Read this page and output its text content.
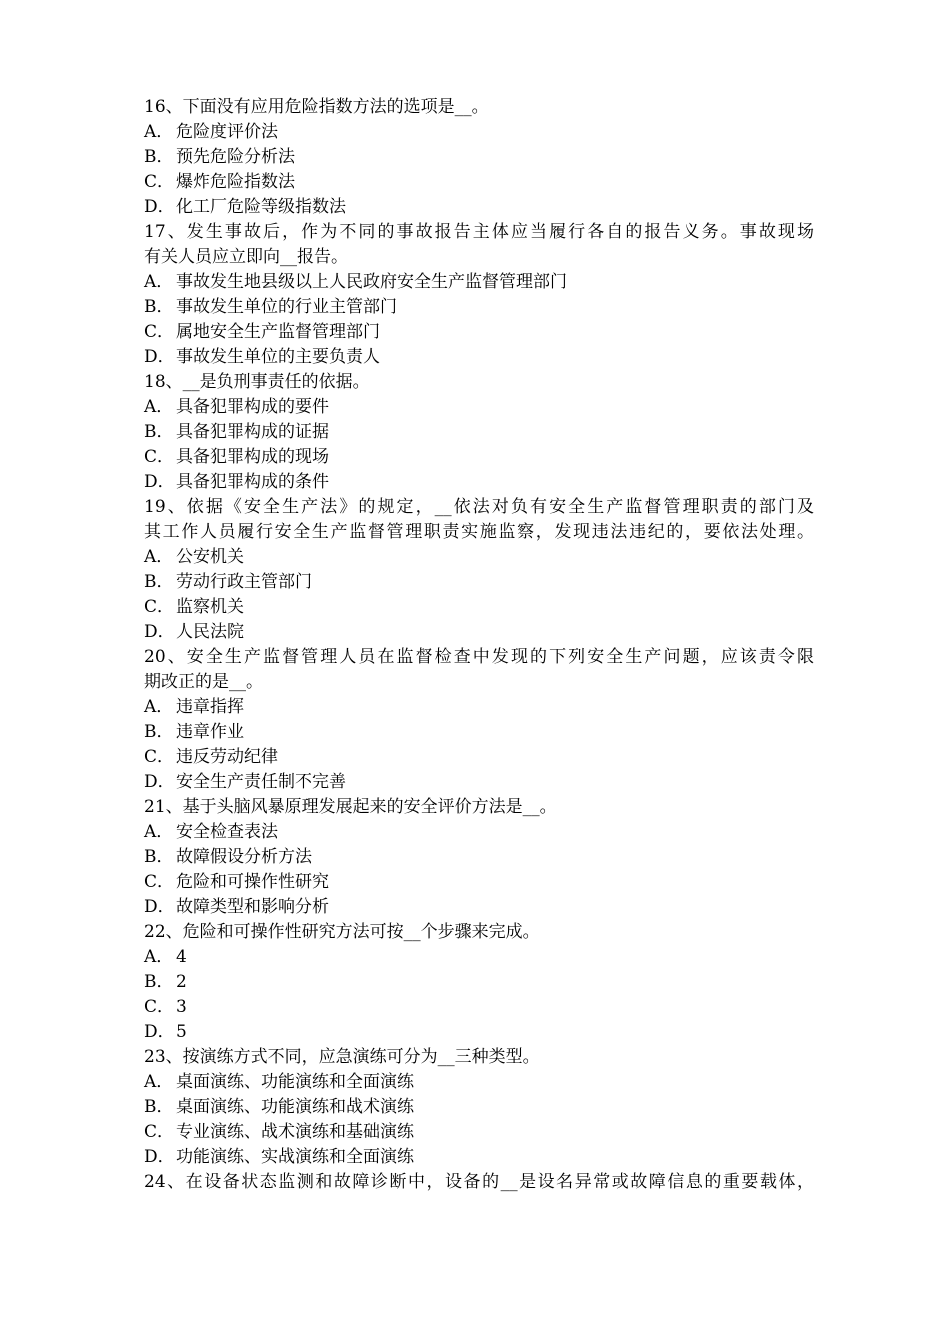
16、下面没有应用危险指数方法的选项是__。
A． 危险度评价法
B． 预先危险分析法
C． 爆炸危险指数法
D．化工厂危险等级指数法
17、发生事故后，作为不同的事故报告主体应当履行各自的报告义务。事故现场
有关人员应立即向__报告。
A． 事故发生地县级以上人民政府安全生产监督管理部门
B． 事故发生单位的行业主管部门
C． 属地安全生产监督管理部门
D．事故发生单位的主要负责人
18、__是负刑事责任的依据。
A． 具备犯罪构成的要件
B． 具备犯罪构成的证据
C． 具备犯罪构成的现场
D．具备犯罪构成的条件
19、依据《安全生产法》的规定，__依法对负有安全生产监督管理职责的部门及
其工作人员履行安全生产监督管理职责实施监察，发现违法违纪的，要依法处理。
A． 公安机关
B． 劳动行政主管部门
C． 监察机关
D．人民法院
20、安全生产监督管理人员在监督检查中发现的下列安全生产问题，应该责令限
期改正的是__。
A． 违章指挥
B． 违章作业
C． 违反劳动纪律
D．安全生产责任制不完善
21、基于头脑风暴原理发展起来的安全评价方法是__。
A． 安全检查表法
B． 故障假设分析方法
C． 危险和可操作性研究
D．故障类型和影响分析
22、危险和可操作性研究方法可按__个步骤来完成。
A． 4
B． 2
C． 3
D．5
23、按演练方式不同，应急演练可分为__三种类型。
A． 桌面演练、功能演练和全面演练
B． 桌面演练、功能演练和战术演练
C． 专业演练、战术演练和基础演练
D．功能演练、实战演练和全面演练
24、在设备状态监测和故障诊断中，设备的__是设名异常或故障信息的重要载体，
